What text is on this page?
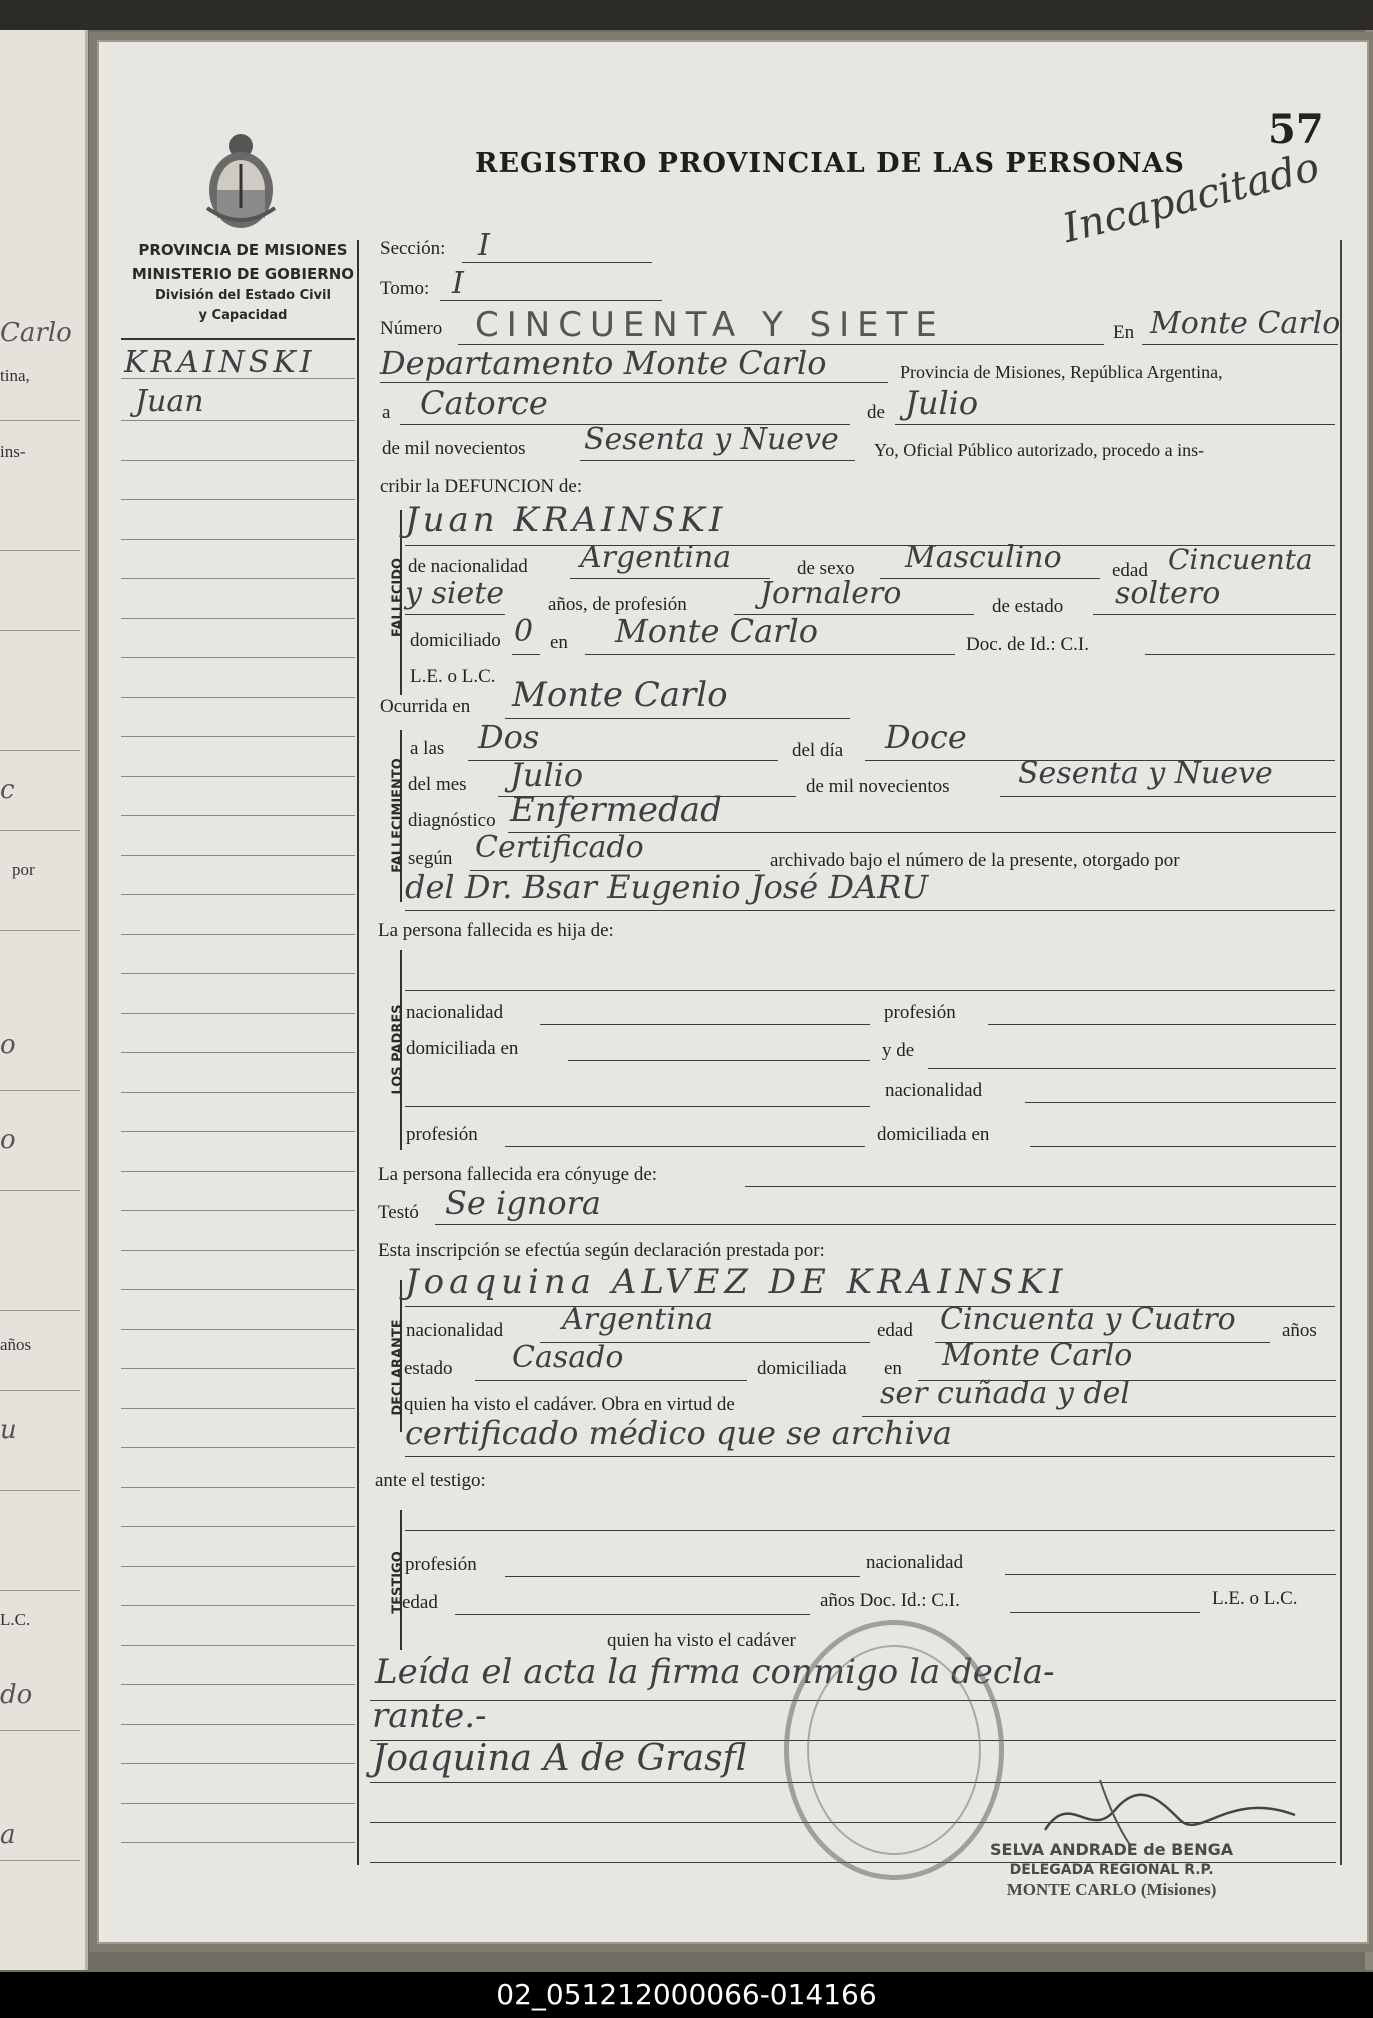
Carlo
tina,
ins-
c
por
o
o
años
u
L.C.
do
a
57
REGISTRO PROVINCIAL DE LAS PERSONAS
Incapacitado
PROVINCIA DE MISIONES
MINISTERIO DE GOBIERNO
División del Estado Civil
y Capacidad
KRAINSKI
Juan
Sección: I
Tomo: I
Número CINCUENTA Y SIETE	En Monte Carlo
Departamento Monte Carlo	Provincia de Misiones, República Argentina,
a Catorce	de Julio
de mil novecientos Sesenta y Nueve Yo, Oficial Público autorizado, procedo a ins-
cribir la DEFUNCION de:
FALLECIDO
Juan KRAINSKI
de nacionalidad Argentina	de sexo Masculino	edad Cincuenta
y siete años, de profesión Jornalero	de estado soltero
domiciliado 0 en Monte Carlo	Doc. de Id.: C.I.
L.E. o L.C.
Ocurrida en Monte Carlo
FALLECIMIENTO
a las Dos	del día Doce
del mes Julio	de mil novecientos Sesenta y Nueve
diagnóstico Enfermedad
según Certificado	archivado bajo el número de la presente, otorgado por
del Dr. Bsar Eugenio José DARU
La persona fallecida es hija de:
LOS PADRES nacionalidad	profesión
domiciliada en	y de
nacionalidad
profesión	domiciliada en
La persona fallecida era cónyuge de:
Testó Se ignora
Esta inscripción se efectúa según declaración prestada por:
DECLARANTE
Joaquina ALVEZ DE KRAINSKI
nacionalidad Argentina	edad Cincuenta y Cuatro años
estado Casado	domiciliada en Monte Carlo
quien ha visto el cadáver. Obra en virtud de	ser cuñada y del
certificado médico que se archiva
ante el testigo:
TESTIGO profesión	nacionalidad
edad	años Doc. Id.: C.I.	L.E. o L.C.
quien ha visto el cadáver
Leída el acta la firma conmigo la decla-
rante.-
Joaquina A de Grasfl
SELVA ANDRADE de BENGA
DELEGADA REGIONAL R.P.
MONTE CARLO (Misiones)
02_051212000066-014166
